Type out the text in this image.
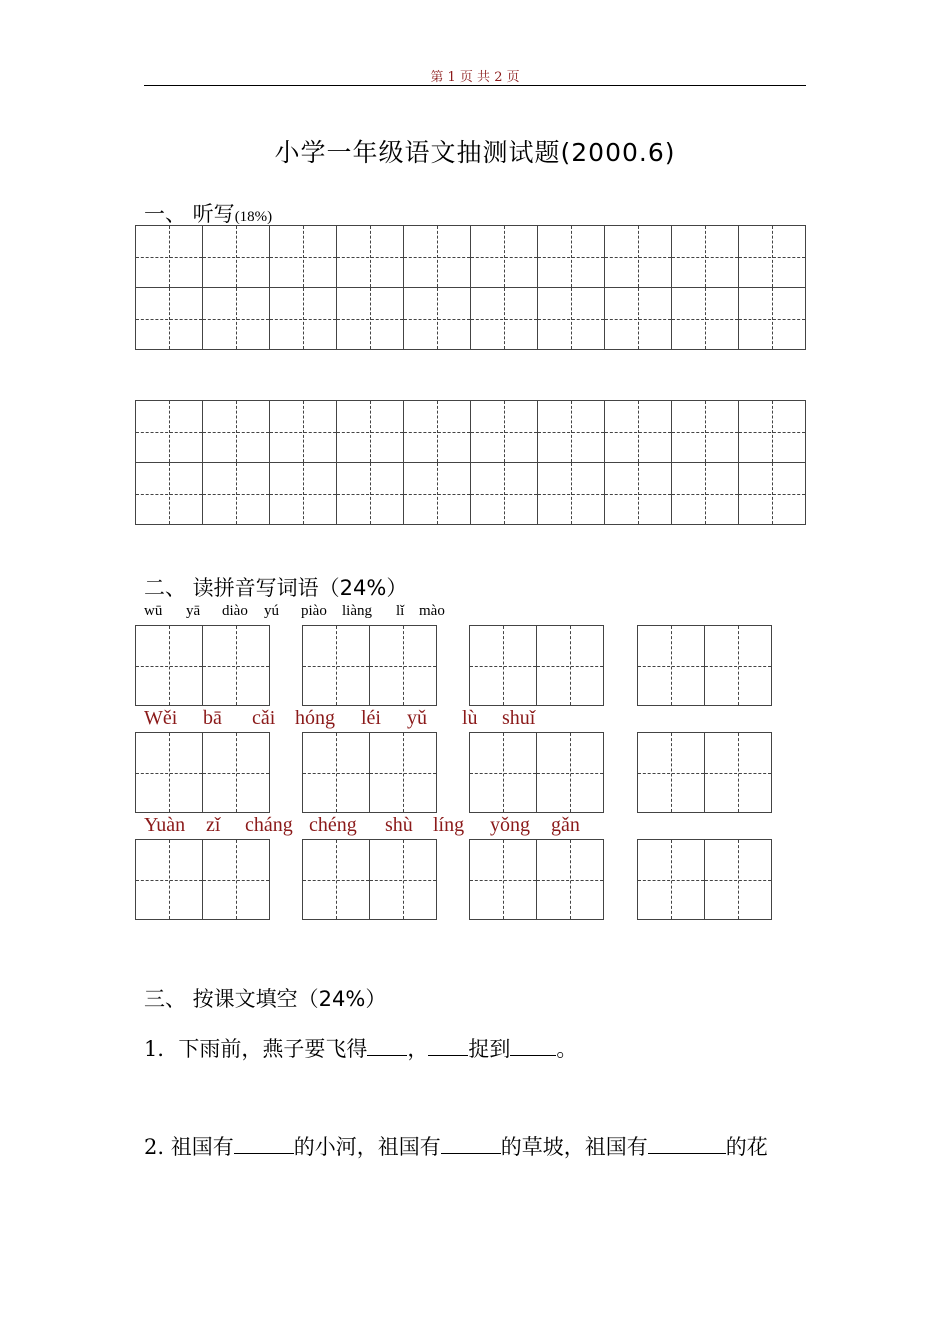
第 1 页 共 2 页
小学一年级语文抽测试题(2000.6)
一、 听写(18%)
二、 读拼音写词语（24%）
wū yā diào yú piào liàng lǐ mào
Wěi bā cǎi hóng léi yǔ lù shuǐ
Yuàn zǐ cháng chéng shù líng yǒng gǎn
三、 按课文填空（24%）
1．下雨前，燕子要飞得 ， 捉到 。
2. 祖国有	的小河，祖国有	的草坡，祖国有	的花
